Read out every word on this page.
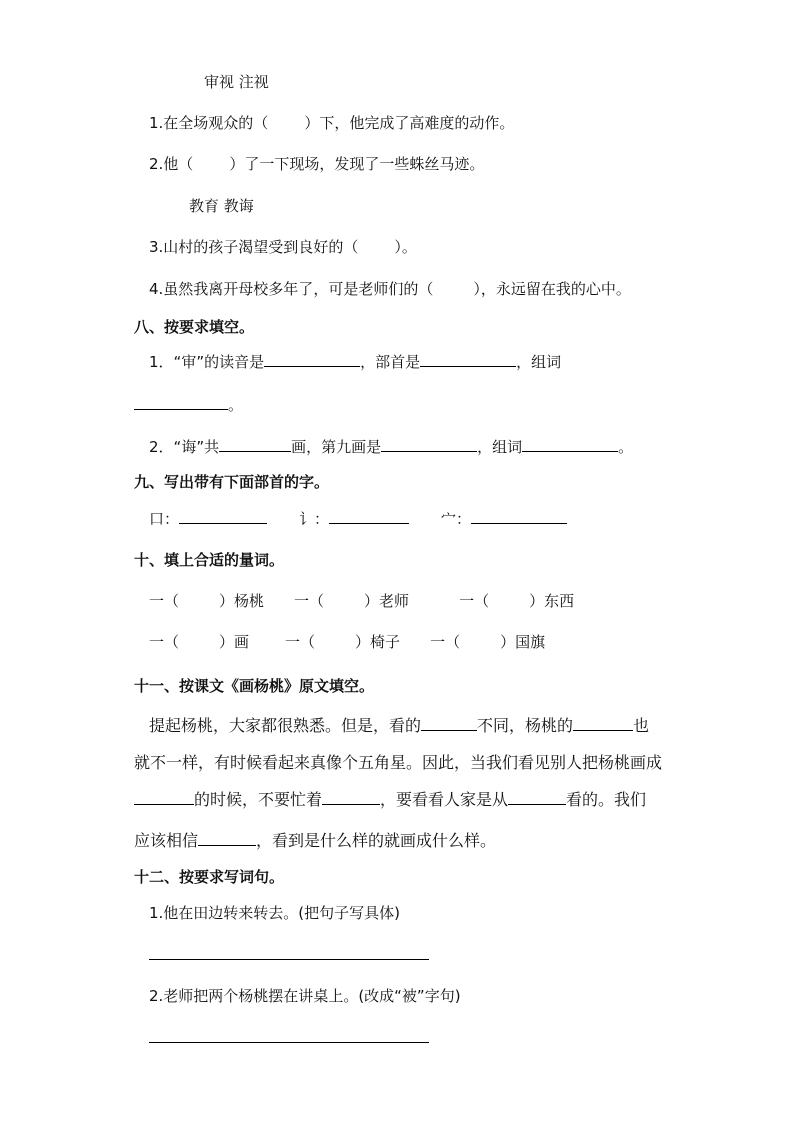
审视 注视
1.在全场观众的（ ）下，他完成了高难度的动作。
2.他（ ）了一下现场，发现了一些蛛丝马迹。
教育 教诲
3.山村的孩子渴望受到良好的（ ）。
4.虽然我离开母校多年了，可是老师们的（	），永远留在我的心中。
八、按要求填空。
1．“审”的读音是	，部首是	，组词
。
2．“诲”共	画，第九画是	，组词	。
九、写出带有下面部首的字。
口：	讠：	宀：
十、填上合适的量词。
一（	）杨桃 一（	）老师	一（	）东西
一（	）画 一（	）椅子 一（	）国旗
十一、按课文《画杨桃》原文填空。
提起杨桃，大家都很熟悉。但是，看的	不同，杨桃的	也
就不一样，有时候看起来真像个五角星。因此，当我们看见别人把杨桃画成
的时候，不要忙着	，要看看人家是从	看的。我们
应该相信	，看到是什么样的就画成什么样。
十二、按要求写词句。
1.他在田边转来转去。(把句子写具体)
2.老师把两个杨桃摆在讲桌上。(改成“被”字句)
